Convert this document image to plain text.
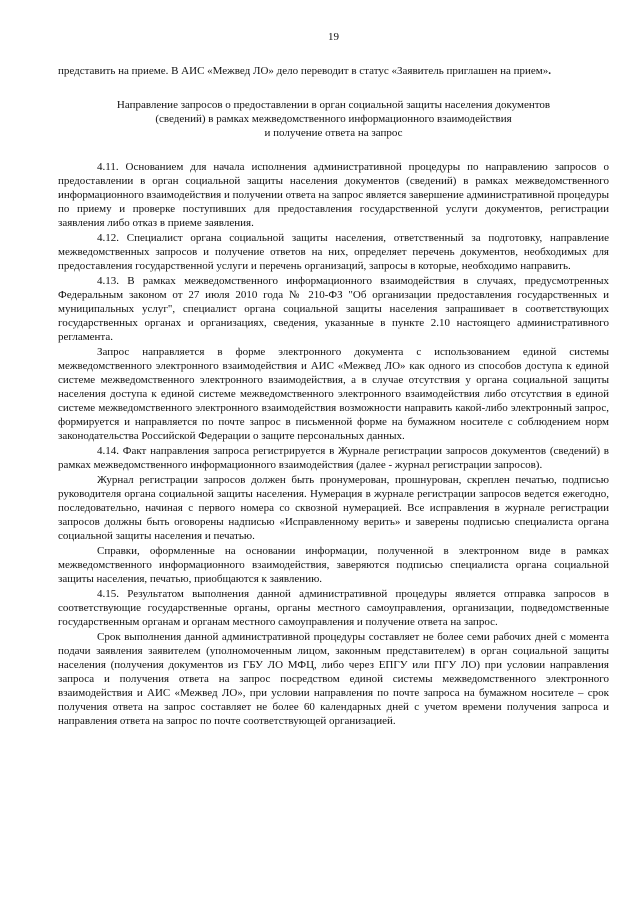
19

представить на приеме. В АИС «Межвед ЛО» дело переводит в статус «Заявитель приглашен на прием».

Направление запросов о предоставлении в орган социальной защиты населения документов
(сведений) в рамках межведомственного информационного взаимодействия
и получение ответа на запрос

4.11. Основанием для начала исполнения административной процедуры по направлению запросов о предоставлении в орган социальной защиты населения документов (сведений) в рамках межведомственного информационного взаимодействия и получении ответа на запрос является завершение административной процедуры по приему и проверке поступивших для предоставления государственной услуги документов, регистрации заявления либо отказ в приеме заявления.

4.12. Специалист органа социальной защиты населения, ответственный за подготовку, направление межведомственных запросов и получение ответов на них, определяет перечень документов, необходимых для предоставления государственной услуги и перечень организаций, запросы в которые, необходимо направить.

4.13. В рамках межведомственного информационного взаимодействия в случаях, предусмотренных Федеральным законом от 27 июля 2010 года № 210-ФЗ "Об организации предоставления государственных и муниципальных услуг", специалист органа социальной защиты населения запрашивает в соответствующих государственных органах и организациях, сведения, указанные в пункте 2.10 настоящего административного регламента.

Запрос направляется в форме электронного документа с использованием единой системы межведомственного электронного взаимодействия и АИС «Межвед ЛО» как одного из способов доступа к единой системе межведомственного электронного взаимодействия, а в случае отсутствия у органа социальной защиты населения доступа к единой системе межведомственного электронного взаимодействия либо отсутствия в единой системе межведомственного электронного взаимодействия возможности направить какой-либо электронный запрос, формируется и направляется по почте запрос в письменной форме на бумажном носителе с соблюдением норм законодательства Российской Федерации о защите персональных данных.

4.14. Факт направления запроса регистрируется в Журнале регистрации запросов документов (сведений) в рамках межведомственного информационного взаимодействия (далее - журнал регистрации запросов).

Журнал регистрации запросов должен быть пронумерован, прошнурован, скреплен печатью, подписью руководителя органа социальной защиты населения. Нумерация в журнале регистрации запросов ведется ежегодно, последовательно, начиная с первого номера со сквозной нумерацией. Все исправления в журнале регистрации запросов должны быть оговорены надписью «Исправленному верить» и заверены подписью специалиста органа социальной защиты населения и печатью.

Справки, оформленные на основании информации, полученной в электронном виде в рамках межведомственного информационного взаимодействия, заверяются подписью специалиста органа социальной защиты населения, печатью, приобщаются к заявлению.

4.15. Результатом выполнения данной административной процедуры является отправка запросов в соответствующие государственные органы, органы местного самоуправления, организации, подведомственные государственным органам и органам местного самоуправления и получение ответа на запрос.

Срок выполнения данной административной процедуры составляет не более семи рабочих дней с момента подачи заявления заявителем (уполномоченным лицом, законным представителем) в орган социальной защиты населения (получения документов из ГБУ ЛО МФЦ, либо через ЕПГУ или ПГУ ЛО) при условии направления запроса и получения ответа на запрос посредством единой системы межведомственного электронного взаимодействия и АИС «Межвед ЛО», при условии направления по почте запроса на бумажном носителе – срок получения ответа на запрос составляет не более 60 календарных дней с учетом времени получения запроса и направления ответа на запрос по почте соответствующей организацией.
